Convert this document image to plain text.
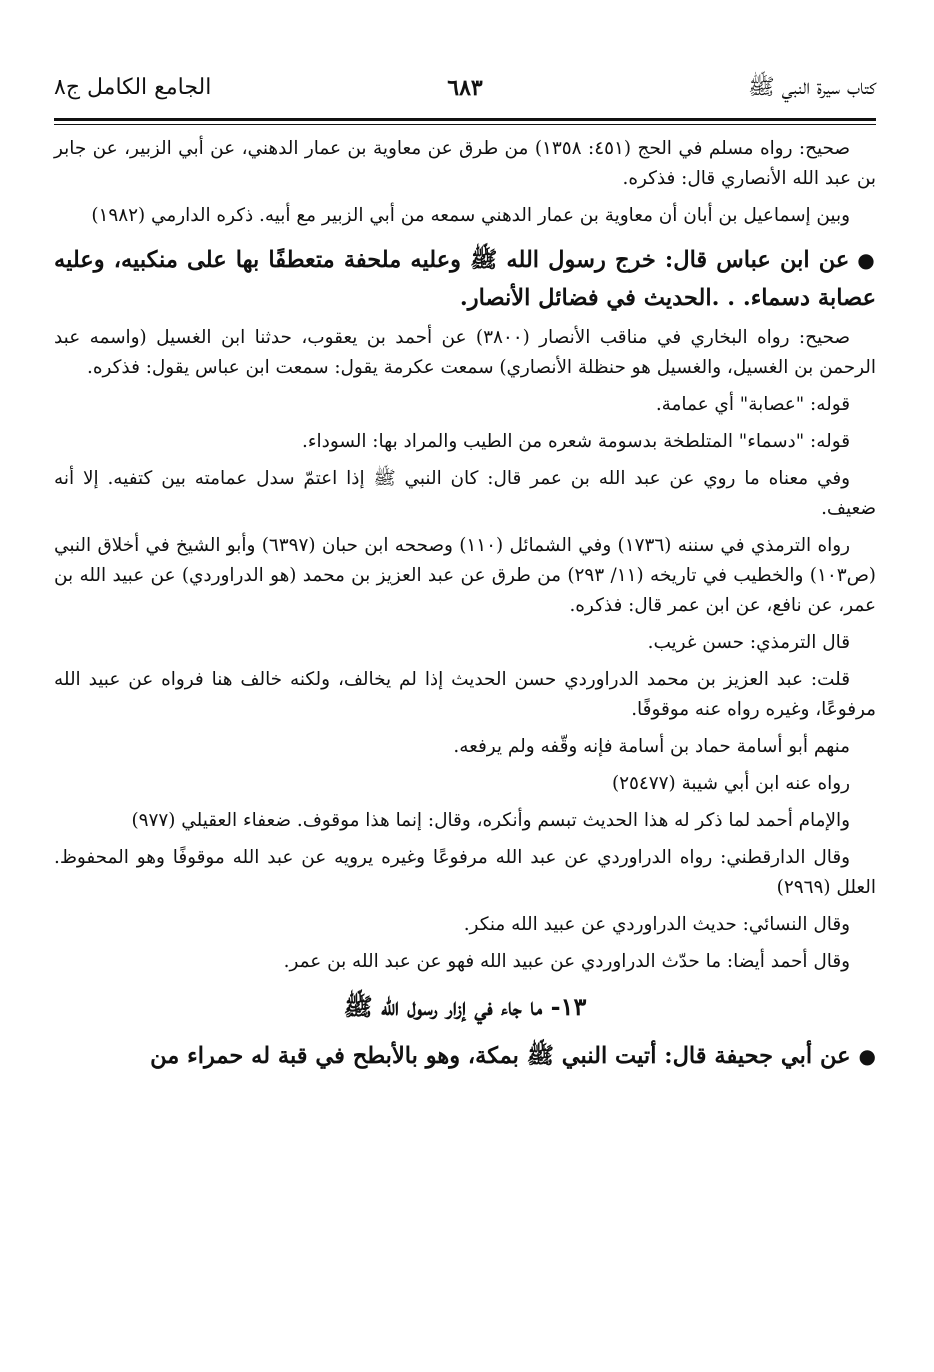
كتاب سيرة النبي ﷺ
٦٨٣
الجامع الكامل ج٨

صحيح: رواه مسلم في الحج (٤٥١: ١٣٥٨) من طرق عن معاوية بن عمار الدهني، عن أبي الزبير، عن جابر بن عبد الله الأنصاري قال: فذكره.

وبين إسماعيل بن أبان أن معاوية بن عمار الدهني سمعه من أبي الزبير مع أبيه. ذكره الدارمي (١٩٨٢)

●عن ابن عباس قال: خرج رسول الله ﷺ وعليه ملحفة متعطفًا بها على منكبيه، وعليه عصابة دسماء. . .الحديث في فضائل الأنصار.

صحيح: رواه البخاري في مناقب الأنصار (٣٨٠٠) عن أحمد بن يعقوب، حدثنا ابن الغسيل (واسمه عبد الرحمن بن الغسيل، والغسيل هو حنظلة الأنصاري) سمعت عكرمة يقول: سمعت ابن عباس يقول: فذكره.

قوله: "عصابة" أي عمامة.

قوله: "دسماء" المتلطخة بدسومة شعره من الطيب والمراد بها: السوداء.

وفي معناه ما روي عن عبد الله بن عمر قال: كان النبي ﷺ إذا اعتمّ سدل عمامته بين كتفيه. إلا أنه ضعيف.

رواه الترمذي في سننه (١٧٣٦) وفي الشمائل (١١٠) وصححه ابن حبان (٦٣٩٧) وأبو الشيخ في أخلاق النبي (ص١٠٣) والخطيب في تاريخه (١١/ ٢٩٣) من طرق عن عبد العزيز بن محمد (هو الدراوردي) عن عبيد الله بن عمر، عن نافع، عن ابن عمر قال: فذكره.

قال الترمذي: حسن غريب.

قلت: عبد العزيز بن محمد الدراوردي حسن الحديث إذا لم يخالف، ولكنه خالف هنا فرواه عن عبيد الله مرفوعًا، وغيره رواه عنه موقوفًا.

منهم أبو أسامة حماد بن أسامة فإنه وقّفه ولم يرفعه.

رواه عنه ابن أبي شيبة (٢٥٤٧٧)

والإمام أحمد لما ذكر له هذا الحديث تبسم وأنكره، وقال: إنما هذا موقوف. ضعفاء العقيلي (٩٧٧)

وقال الدارقطني: رواه الدراوردي عن عبد الله مرفوعًا وغيره يرويه عن عبد الله موقوفًا وهو المحفوظ. العلل (٢٩٦٩)

وقال النسائي: حديث الدراوردي عن عبيد الله منكر.

وقال أحمد أيضا: ما حدّث الدراوردي عن عبيد الله فهو عن عبد الله بن عمر.

١٣- ما جاء في إزار رسول الله ﷺ

●عن أبي جحيفة قال: أتيت النبي ﷺ بمكة، وهو بالأبطح في قبة له حمراء من
